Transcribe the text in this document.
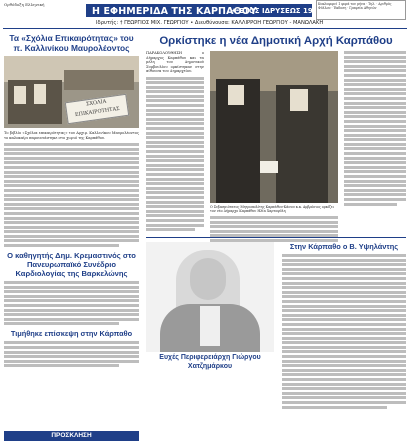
Ορθόδοξη Ελληνική
Η ΕΦΗΜΕΡΙΔΑ ΤΗΣ ΚΑΡΠΑΘΟΥ
✦ ΕΤΟΣ ΙΔΡΥΣΕΩΣ 1952
Κυκλοφορεί 1 φορά τον μήνα · Τηλ. · Αριθμός Φύλλου · Έκδοση · Γραφεία Αθηνών
Ιδρυτής: † ΓΕΩΡΓΙΟΣ ΜΙΧ. ΓΕΩΡΓΙΟΥ • Διευθύνουσα: ΚΑΛΛΙΡΡΟΗ ΓΕΩΡΓΙΟΥ - ΜΑΝΩΛΑΚΗ
Τα «Σχόλια Επικαιρότητας» του π. Καλλινίκου Μαυρολέοντος
ΣΧΟΛΙΑ ΕΠΙΚΑΙΡΟΤΗΤΑΣ
Το βιβλίο «Σχόλια επικαιρότητας» του Αρχιμ. Καλλινίκου Μαυρολέοντος το καλοκαίρι παρουσιάστηκε στο χωριό της Καρπάθου.
Ο καθηγητής Δημ. Κρεμαστινός στο Πανευρωπαϊκό Συνέδριο Καρδιολογίας της Βαρκελώνης
Τιμήθηκε επίσκεψη στην Κάρπαθο
ΠΡΟΣΚΛΗΣΗ
Ορκίστηκε η νέα Δημοτική Αρχή Καρπάθου
ΠΑΡΑΚΟΛΟΥΘΗΣΗ ο Δήμαρχος Καρπάθου και τα μέλη του Δημοτικού Συμβουλίου ορκίστηκαν στην αίθουσα του Δημαρχείου.
Ο Σεβασμιότατος Μητροπολίτης Καρπάθου-Κάσου κ.κ. Αμβρόσιος ορκίζει τον νέο Δήμαρχο Καρπάθου Ηλία Χαρτοφύλη
Ευχές Περιφερειάρχη Γιώργου Χατζημάρκου
Στην Κάρπαθο ο Β. Υψηλάντης
